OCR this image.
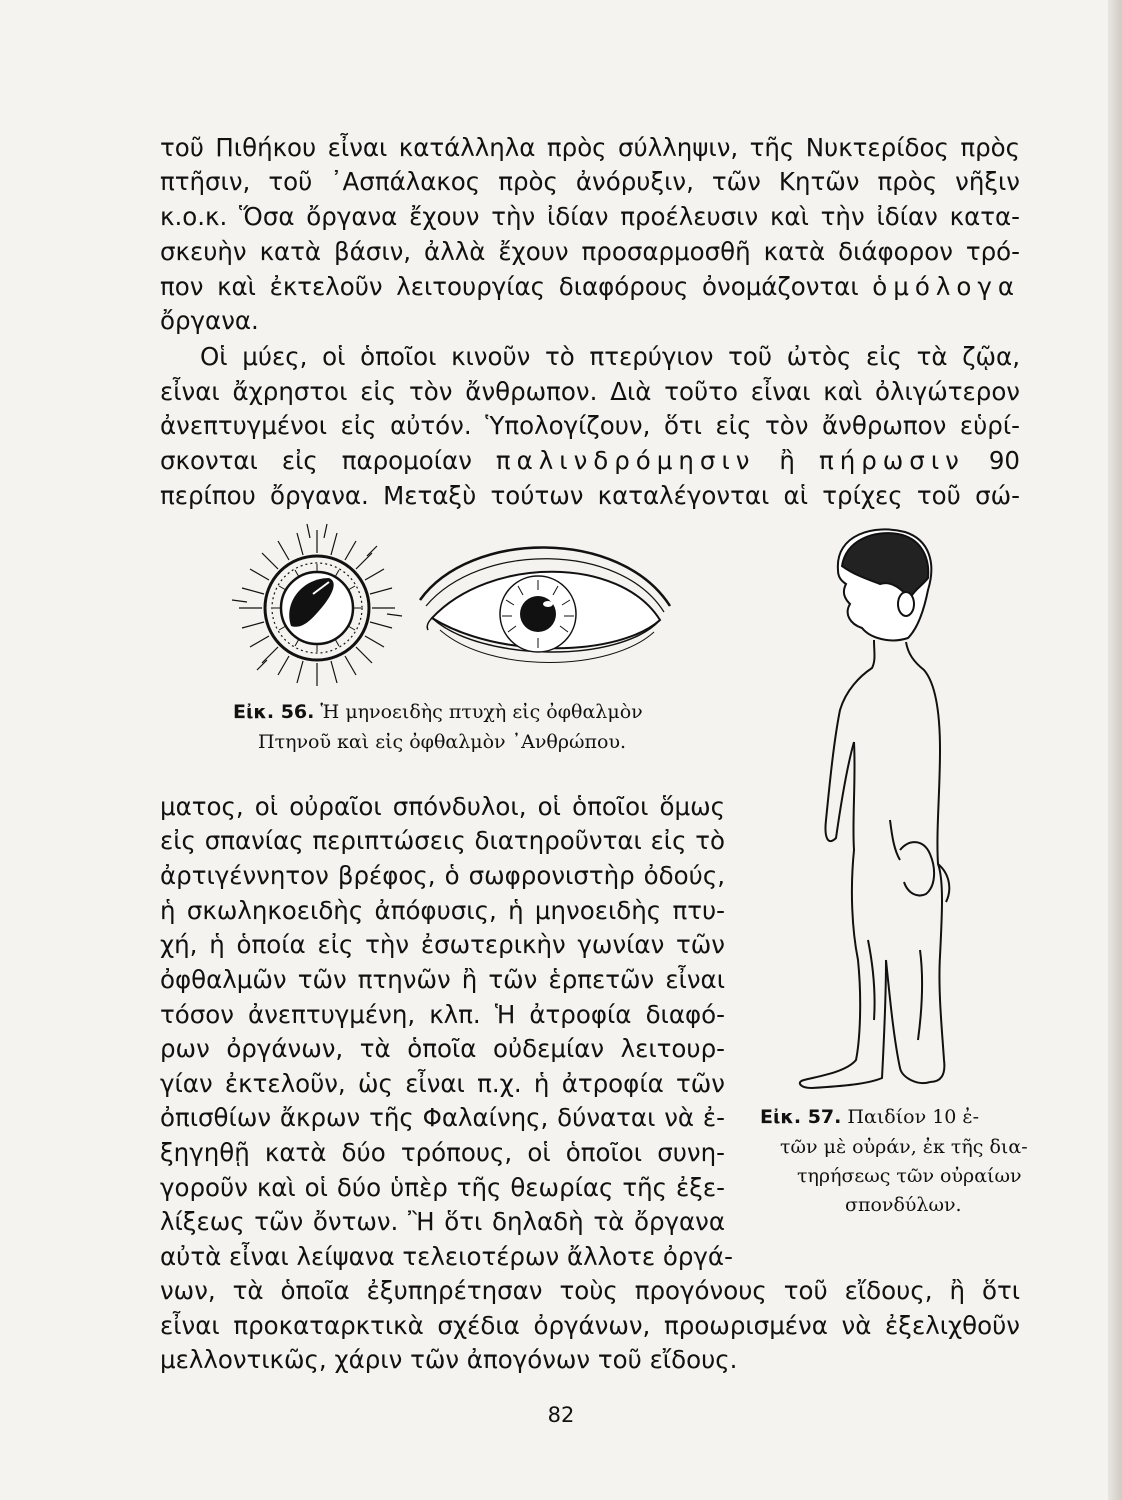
τοῦ Πιθήκου εἶναι κατάλληλα πρὸς σύλληψιν, τῆς Νυκτερίδος πρὸς
πτῆσιν, τοῦ ᾿Ασπάλακος πρὸς ἀνόρυξιν, τῶν Κητῶν πρὸς νῆξιν
κ.ο.κ. Ὅσα ὄργανα ἔχουν τὴν ἰδίαν προέλευσιν καὶ τὴν ἰδίαν κατα-
σκευὴν κατὰ βάσιν, ἀλλὰ ἔχουν προσαρμοσθῆ κατὰ διάφορον τρό-
πον καὶ ἐκτελοῦν λειτουργίας διαφόρους ὀνομάζονται ὁμόλογα
ὄργανα.
Οἱ μύες, οἱ ὁποῖοι κινοῦν τὸ πτερύγιον τοῦ ὠτὸς εἰς τὰ ζῷα,
εἶναι ἄχρηστοι εἰς τὸν ἄνθρωπον. Διὰ τοῦτο εἶναι καὶ ὀλιγώτερον
ἀνεπτυγμένοι εἰς αὐτόν. Ὑπολογίζουν, ὅτι εἰς τὸν ἄνθρωπον εὑρί-
σκονται εἰς παρομοίαν παλινδρόμησιν ἢ πήρωσιν 90
περίπου ὄργανα. Μεταξὺ τούτων καταλέγονται αἱ τρίχες τοῦ σώ-
Εἰκ. 56. Ἡ μηνοειδὴς πτυχὴ εἰς ὀφθαλμὸν
Πτηνοῦ καὶ εἰς ὀφθαλμὸν ᾿Ανθρώπου.
Εἰκ. 57. Παιδίον 10 ἐ-
τῶν μὲ οὐράν, ἐκ τῆς δια-
τηρήσεως τῶν οὐραίων
σπονδύλων.
ματος, οἱ οὐραῖοι σπόνδυλοι, οἱ ὁποῖοι ὅμως
εἰς σπανίας περιπτώσεις διατηροῦνται εἰς τὸ
ἀρτιγέννητον βρέφος, ὁ σωφρονιστὴρ ὀδούς,
ἡ σκωληκοειδὴς ἀπόφυσις, ἡ μηνοειδὴς πτυ-
χή, ἡ ὁποία εἰς τὴν ἐσωτερικὴν γωνίαν τῶν
ὀφθαλμῶν τῶν πτηνῶν ἢ τῶν ἑρπετῶν εἶναι
τόσον ἀνεπτυγμένη, κλπ. Ἡ ἀτροφία διαφό-
ρων ὀργάνων, τὰ ὁποῖα οὐδεμίαν λειτουρ-
γίαν ἐκτελοῦν, ὡς εἶναι π.χ. ἡ ἀτροφία τῶν
ὀπισθίων ἄκρων τῆς Φαλαίνης, δύναται νὰ ἐ-
ξηγηθῇ κατὰ δύο τρόπους, οἱ ὁποῖοι συνη-
γοροῦν καὶ οἱ δύο ὑπὲρ τῆς θεωρίας τῆς ἐξε-
λίξεως τῶν ὄντων. Ἢ ὅτι δηλαδὴ τὰ ὄργανα
αὐτὰ εἶναι λείψανα τελειοτέρων ἄλλοτε ὀργά-
νων, τὰ ὁποῖα ἐξυπηρέτησαν τοὺς προγόνους τοῦ εἴδους, ἢ ὅτι
εἶναι προκαταρκτικὰ σχέδια ὀργάνων, προωρισμένα νὰ ἐξελιχθοῦν
μελλοντικῶς, χάριν τῶν ἀπογόνων τοῦ εἴδους.
82
